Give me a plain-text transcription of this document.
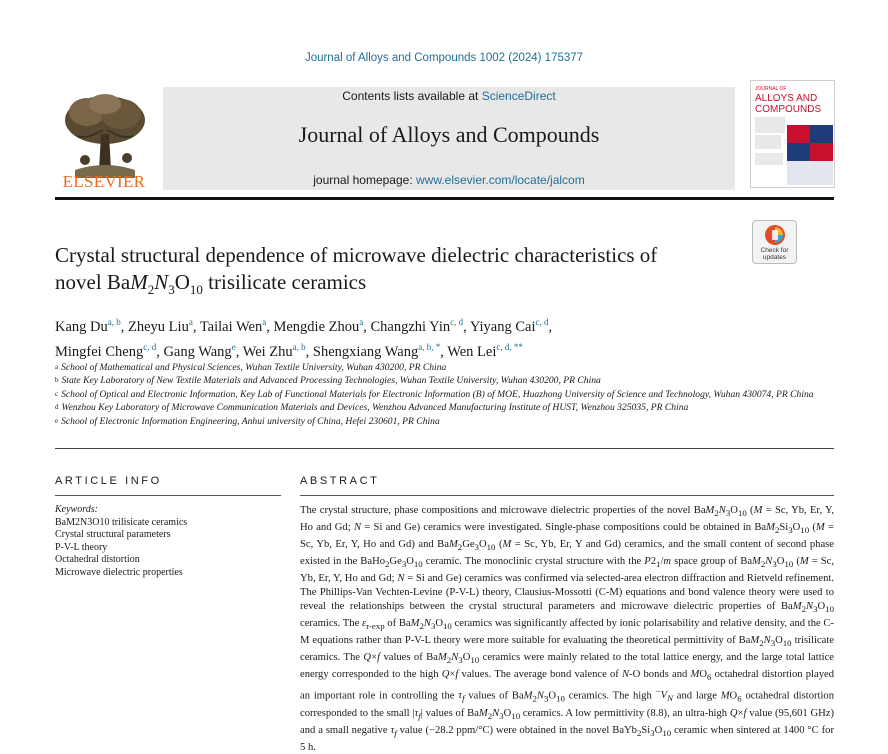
Journal of Alloys and Compounds 1002 (2024) 175377
ELSEVIER
Contents lists available at ScienceDirect
Journal of Alloys and Compounds
journal homepage: www.elsevier.com/locate/jalcom
JOURNAL OF
ALLOYS AND
COMPOUNDS
Check for
updates
Crystal structural dependence of microwave dielectric characteristics of
novel $BaM_2N_3O_{10}$ trisilicate ceramics
Kang Du$^{a, b}$, Zheyu Liu$^a$, Tailai Wen$^a$, Mengdie Zhou$^a$, Changzhi Yin$^{c, d}$, Yiyang Cai$^{c, d}$,
Mingfei Cheng$^{c, d}$, Gang Wang$^e$, Wei Zhu$^{a, b}$, Shengxiang Wang$^{a, b, *}$, Wen Lei$^{c, d, **}$
$^a$ School of Mathematical and Physical Sciences, Wuhan Textile University, Wuhan 430200, PR China
$^b$ State Key Laboratory of New Textile Materials and Advanced Processing Technologies, Wuhan Textile University, Wuhan 430200, PR China
$^c$ School of Optical and Electronic Information, Key Lab of Functional Materials for Electronic Information (B) of MOE, Huazhong University of Science and Technology, Wuhan 430074, PR China
$^d$ Wenzhou Key Laboratory of Microwave Communication Materials and Devices, Wenzhou Advanced Manufacturing Institute of HUST, Wenzhou 325035, PR China
$^e$ School of Electronic Information Engineering, Anhui university of China, Hefei 230601, PR China
ARTICLE INFO
Keywords:
BaM2N3O10 trilisicate ceramics
Crystal structural parameters
P-V-L theory
Octahedral distortion
Microwave dielectric properties
ABSTRACT

The crystal structure, phase compositions and microwave dielectric properties of the novel $BaM_2N_3O_{10}$ (M = Sc, Yb, Er, Y, Ho and Gd; N = Si and Ge) ceramics were investigated. Single-phase compositions could be obtained in $BaM_2Si_3O_{10}$ (M = Sc, Yb, Er, Y, Ho and Gd) and $BaM_2Ge_3O_{10}$ (M = Sc, Yb, Er, Y and Gd) ceramics, and the small content of second phase existed in the $BaHo_2Ge_3O_{10}$ ceramic. The monoclinic crystal structure with the $P2_1/m$ space group of $BaM_2N_3O_{10}$ (M = Sc, Yb, Er, Y, Ho and Gd; N = Si and Ge) ceramics was confirmed via selected-area electron diffraction and Rietveld refinement. The Phillips-Van Vechten-Levine (P-V-L) theory, Clausius-Mossotti (C-M) equations and bond valence theory were used to reveal the relationships between the crystal structural parameters and microwave dielectric properties of $BaM_2N_3O_{10}$ ceramics. The $\varepsilon_{r-exp}$ of $BaM_2N_3O_{10}$ ceramics was significantly affected by ionic polarisability and relative density, and the C-M equations rather than P-V-L theory were more suitable for evaluating the theoretical permittivity of $BaM_2N_3O_{10}$ trisilicate ceramics. The Q×f values of $BaM_2N_3O_{10}$ ceramics were mainly related to the total lattice energy, and the large total lattice energy corresponded to the high Q×f values. The average bond valence of N-O bonds and $MO_6$ octahedral distortion played an important role in controlling the $\tau_f$ values of $BaM_2N_3O_{10}$ ceramics. The high $^-V_N$ and large $MO_6$ octahedral distortion corresponded to the small $|\tau_f|$ values of $BaM_2N_3O_{10}$ ceramics. A low permittivity (8.8), an ultra-high Q×f value (95,601 GHz) and a small negative $\tau_f$ value (−28.2 ppm/°C) were obtained in the novel $BaYb_2Si_3O_{10}$ ceramic when sintered at 1400 °C for 5 h.
